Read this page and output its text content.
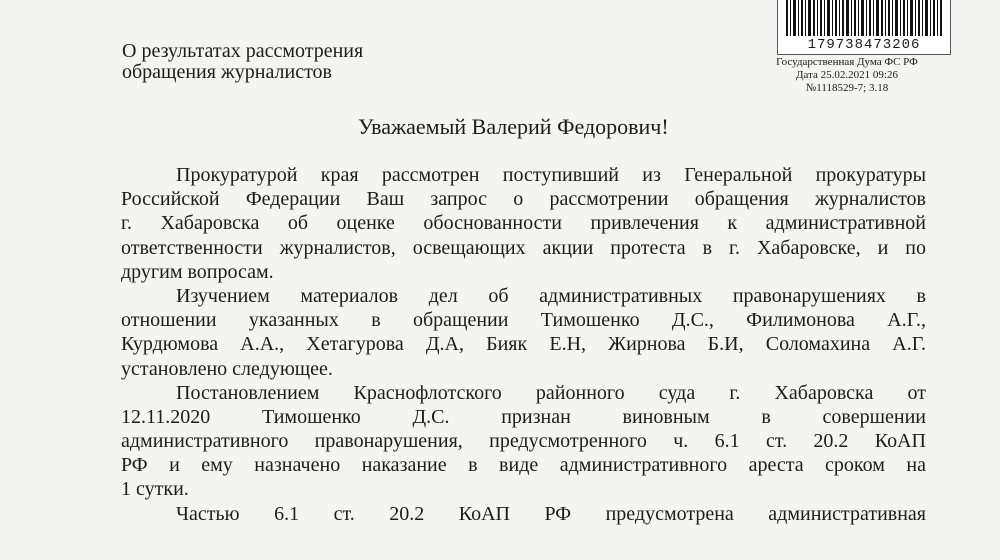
О результатах рассмотрения
обращения журналистов
179738473206
Государственная Дума ФС РФ
Дата 25.02.2021 09:26
№1118529-7; 3.18
Уважаемый Валерий Федорович!
Прокуратурой края рассмотрен поступивший из Генеральной прокуратуры
Российской Федерации Ваш запрос о рассмотрении обращения журналистов
г. Хабаровска об оценке обоснованности привлечения к административной
ответственности журналистов, освещающих акции протеста в г. Хабаровске, и по
другим вопросам.
Изучением материалов дел об административных правонарушениях в
отношении указанных в обращении Тимошенко Д.С., Филимонова А.Г.,
Курдюмова А.А., Хетагурова Д.А, Бияк Е.Н, Жирнова Б.И, Соломахина А.Г.
установлено следующее.
Постановлением Краснофлотского районного суда г. Хабаровска от
12.11.2020 Тимошенко Д.С. признан виновным в совершении
административного правонарушения, предусмотренного ч. 6.1 ст. 20.2 КоАП
РФ и ему назначено наказание в виде административного ареста сроком на
1 сутки.
Частью 6.1 ст. 20.2 КоАП РФ предусмотрена административная
